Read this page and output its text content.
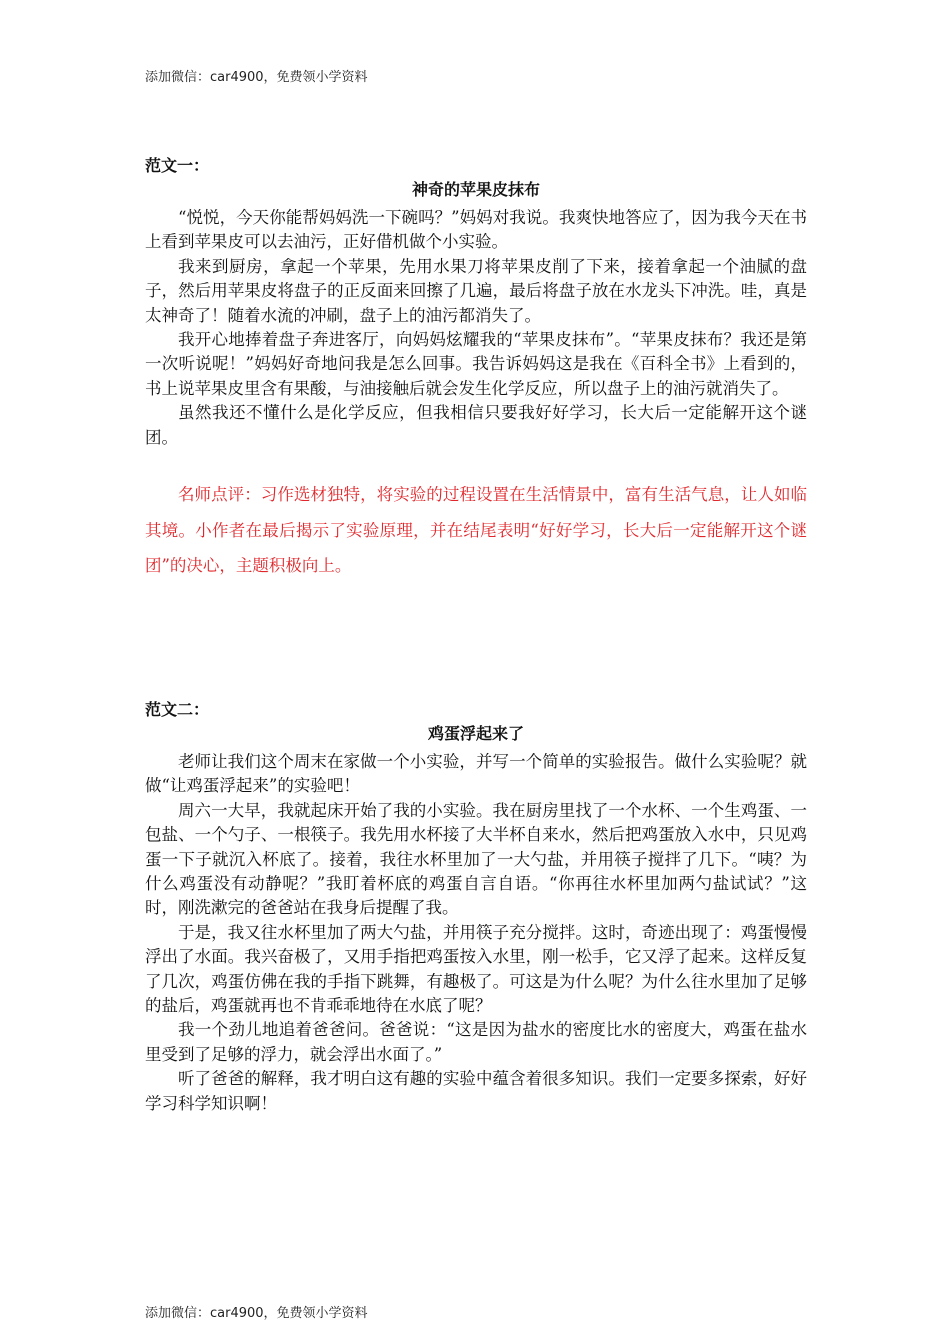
添加微信：car4900，免费领小学资料
范文一：
神奇的苹果皮抹布

“悦悦，今天你能帮妈妈洗一下碗吗？”妈妈对我说。我爽快地答应了，因为我今天在书上看到苹果皮可以去油污，正好借机做个小实验。

我来到厨房，拿起一个苹果，先用水果刀将苹果皮削了下来，接着拿起一个油腻的盘子，然后用苹果皮将盘子的正反面来回擦了几遍，最后将盘子放在水龙头下冲洗。哇，真是太神奇了！随着水流的冲刷，盘子上的油污都消失了。

我开心地捧着盘子奔进客厅，向妈妈炫耀我的“苹果皮抹布”。“苹果皮抹布？我还是第一次听说呢！”妈妈好奇地问我是怎么回事。我告诉妈妈这是我在《百科全书》上看到的，书上说苹果皮里含有果酸，与油接触后就会发生化学反应，所以盘子上的油污就消失了。

虽然我还不懂什么是化学反应，但我相信只要我好好学习，长大后一定能解开这个谜团。

名师点评：习作选材独特，将实验的过程设置在生活情景中，富有生活气息，让人如临其境。小作者在最后揭示了实验原理，并在结尾表明“好好学习，长大后一定能解开这个谜团”的决心，主题积极向上。
范文二：
鸡蛋浮起来了

老师让我们这个周末在家做一个小实验，并写一个简单的实验报告。做什么实验呢？就做“让鸡蛋浮起来”的实验吧！

周六一大早，我就起床开始了我的小实验。我在厨房里找了一个水杯、一个生鸡蛋、一包盐、一个勺子、一根筷子。我先用水杯接了大半杯自来水，然后把鸡蛋放入水中，只见鸡蛋一下子就沉入杯底了。接着，我往水杯里加了一大勺盐，并用筷子搅拌了几下。“咦？为什么鸡蛋没有动静呢？”我盯着杯底的鸡蛋自言自语。“你再往水杯里加两勺盐试试？”这时，刚洗漱完的爸爸站在我身后提醒了我。

于是，我又往水杯里加了两大勺盐，并用筷子充分搅拌。这时，奇迹出现了：鸡蛋慢慢浮出了水面。我兴奋极了，又用手指把鸡蛋按入水里，刚一松手，它又浮了起来。这样反复了几次，鸡蛋仿佛在我的手指下跳舞，有趣极了。可这是为什么呢？为什么往水里加了足够的盐后，鸡蛋就再也不肯乖乖地待在水底了呢？

我一个劲儿地追着爸爸问。爸爸说：“这是因为盐水的密度比水的密度大，鸡蛋在盐水里受到了足够的浮力，就会浮出水面了。”

听了爸爸的解释，我才明白这有趣的实验中蕴含着很多知识。我们一定要多探索，好好学习科学知识啊！

添加微信：car4900，免费领小学资料
